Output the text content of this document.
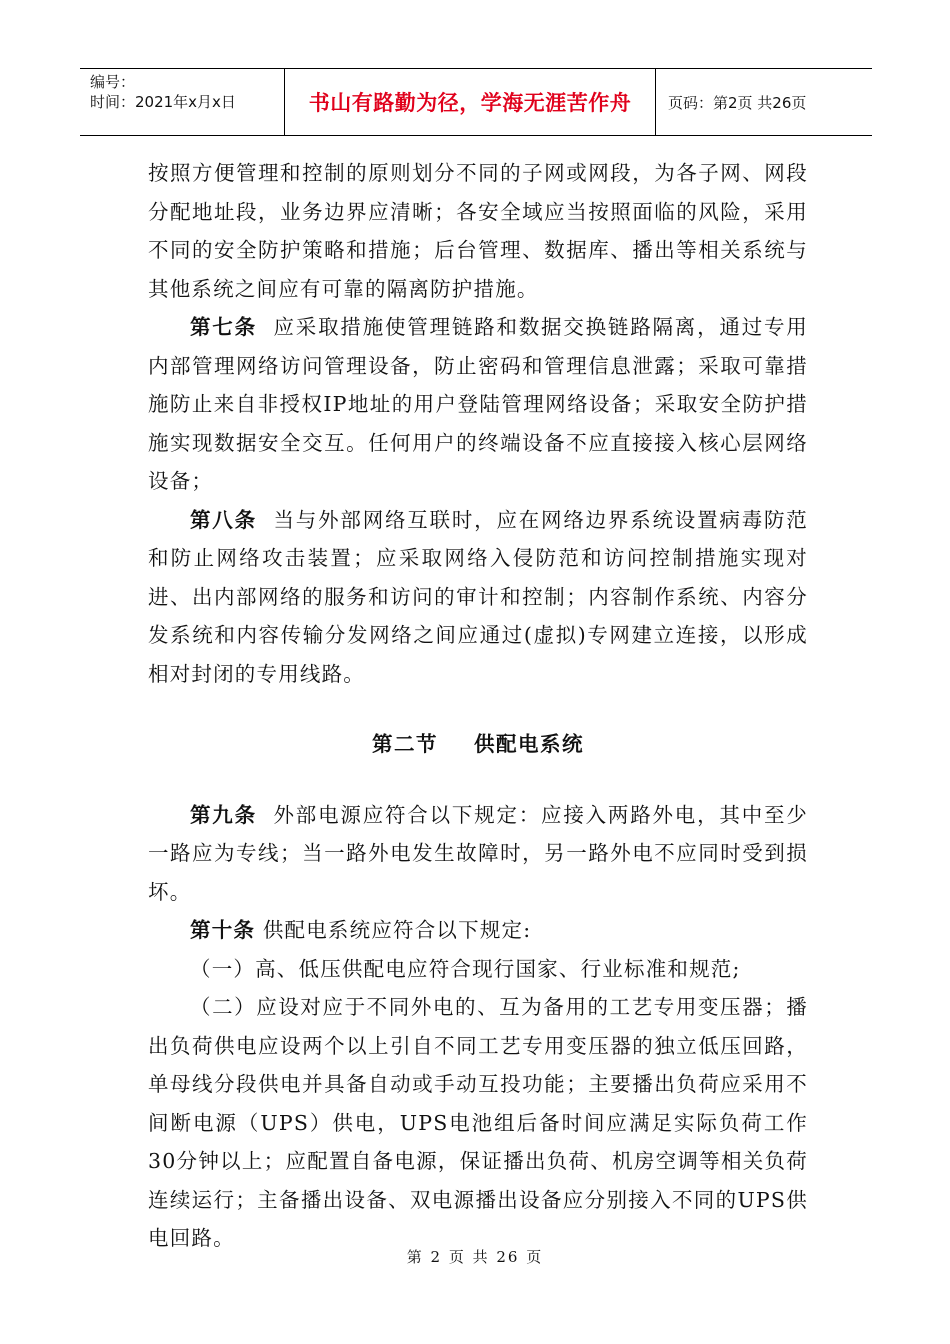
编号：
时间：2021年x月x日	书山有路勤为径，学海无涯苦作舟	页码：第2页 共26页

按照方便管理和控制的原则划分不同的子网或网段，为各子网、网段分配地址段，业务边界应清晰；各安全域应当按照面临的风险，采用不同的安全防护策略和措施；后台管理、数据库、播出等相关系统与其他系统之间应有可靠的隔离防护措施。

第七条 应采取措施使管理链路和数据交换链路隔离，通过专用内部管理网络访问管理设备，防止密码和管理信息泄露；采取可靠措施防止来自非授权IP地址的用户登陆管理网络设备；采取安全防护措施实现数据安全交互。任何用户的终端设备不应直接接入核心层网络设备；

第八条 当与外部网络互联时，应在网络边界系统设置病毒防范和防止网络攻击装置；应采取网络入侵防范和访问控制措施实现对进、出内部网络的服务和访问的审计和控制；内容制作系统、内容分发系统和内容传输分发网络之间应通过(虚拟)专网建立连接，以形成相对封闭的专用线路。

第二节 供配电系统

第九条 外部电源应符合以下规定：应接入两路外电，其中至少一路应为专线；当一路外电发生故障时，另一路外电不应同时受到损坏。

第十条 供配电系统应符合以下规定:

（一）高、低压供配电应符合现行国家、行业标准和规范;

（二）应设对应于不同外电的、互为备用的工艺专用变压器；播出负荷供电应设两个以上引自不同工艺专用变压器的独立低压回路，单母线分段供电并具备自动或手动互投功能；主要播出负荷应采用不间断电源（UPS）供电，UPS电池组后备时间应满足实际负荷工作30分钟以上；应配置自备电源，保证播出负荷、机房空调等相关负荷连续运行；主备播出设备、双电源播出设备应分别接入不同的UPS供电回路。

第 2 页 共 26 页
